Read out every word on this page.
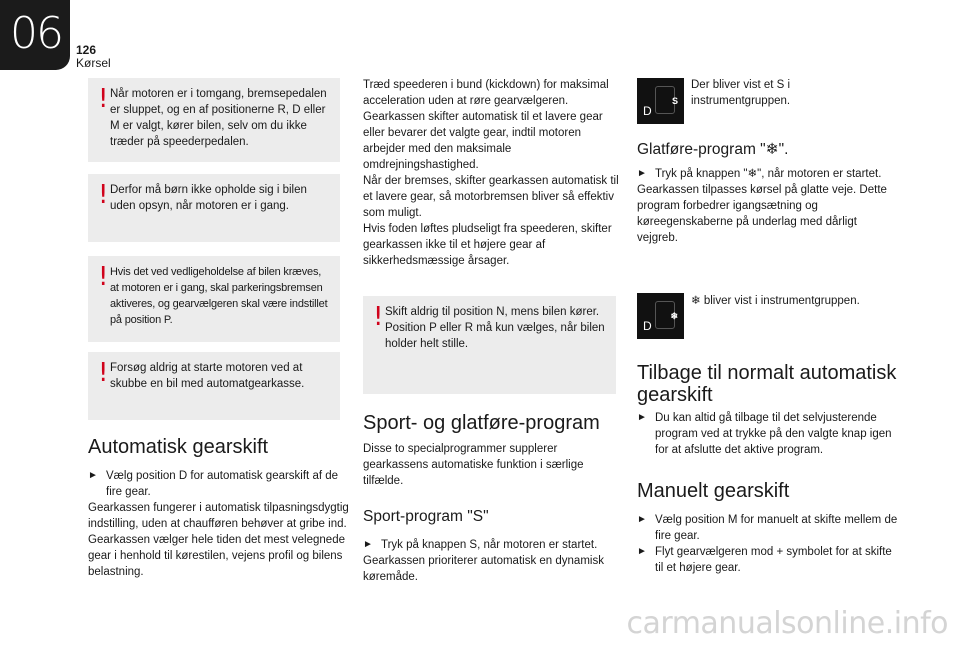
06 126
Kørsel
! Når motoren er i tomgang, bremsepedalen er sluppet, og en af positionerne R, D eller M er valgt, kører bilen, selv om du ikke træder på speederpedalen.
! Derfor må børn ikke opholde sig i bilen uden opsyn, når motoren er i gang.
! Hvis det ved vedligeholdelse af bilen kræves, at motoren er i gang, skal parkeringsbremsen aktiveres, og gearvælgeren skal være indstillet på position P.
! Forsøg aldrig at starte motoren ved at skubbe en bil med automatgearkasse.
Automatisk gearskift
► Vælg position D for automatisk gearskift af de fire gear.
Gearkassen fungerer i automatisk tilpasningsdygtig indstilling, uden at chaufføren behøver at gribe ind. Gearkassen vælger hele tiden det mest velegnede gear i henhold til kørestilen, vejens profil og bilens belastning.
Træd speederen i bund (kickdown) for maksimal acceleration uden at røre gearvælgeren. Gearkassen skifter automatisk til et lavere gear eller bevarer det valgte gear, indtil motoren arbejder med den maksimale omdrejningshastighed.
Når der bremses, skifter gearkassen automatisk til et lavere gear, så motorbremsen bliver så effektiv som muligt.
Hvis foden løftes pludseligt fra speederen, skifter gearkassen ikke til et højere gear af sikkerhedsmæssige årsager.
! Skift aldrig til position N, mens bilen kører. Position P eller R må kun vælges, når bilen holder helt stille.
Sport- og glatføre-program
Disse to specialprogrammer supplerer gearkassens automatiske funktion i særlige tilfælde.
Sport-program "S"
► Tryk på knappen S, når motoren er startet.
Gearkassen prioriterer automatisk en dynamisk køremåde.
D
S
Der bliver vist et S i instrumentgruppen.
Glatføre-program "❄".
► Tryk på knappen "❄", når motoren er startet.
Gearkassen tilpasses kørsel på glatte veje. Dette program forbedrer igangsætning og køreegenskaberne på underlag med dårligt vejgreb.
D
❄
❄ bliver vist i instrumentgruppen.
Tilbage til normalt automatisk gearskift
► Du kan altid gå tilbage til det selvjusterende program ved at trykke på den valgte knap igen for at afslutte det aktive program.
Manuelt gearskift
► Vælg position M for manuelt at skifte mellem de fire gear.
► Flyt gearvælgeren mod + symbolet for at skifte til et højere gear.
carmanualsonline.info
